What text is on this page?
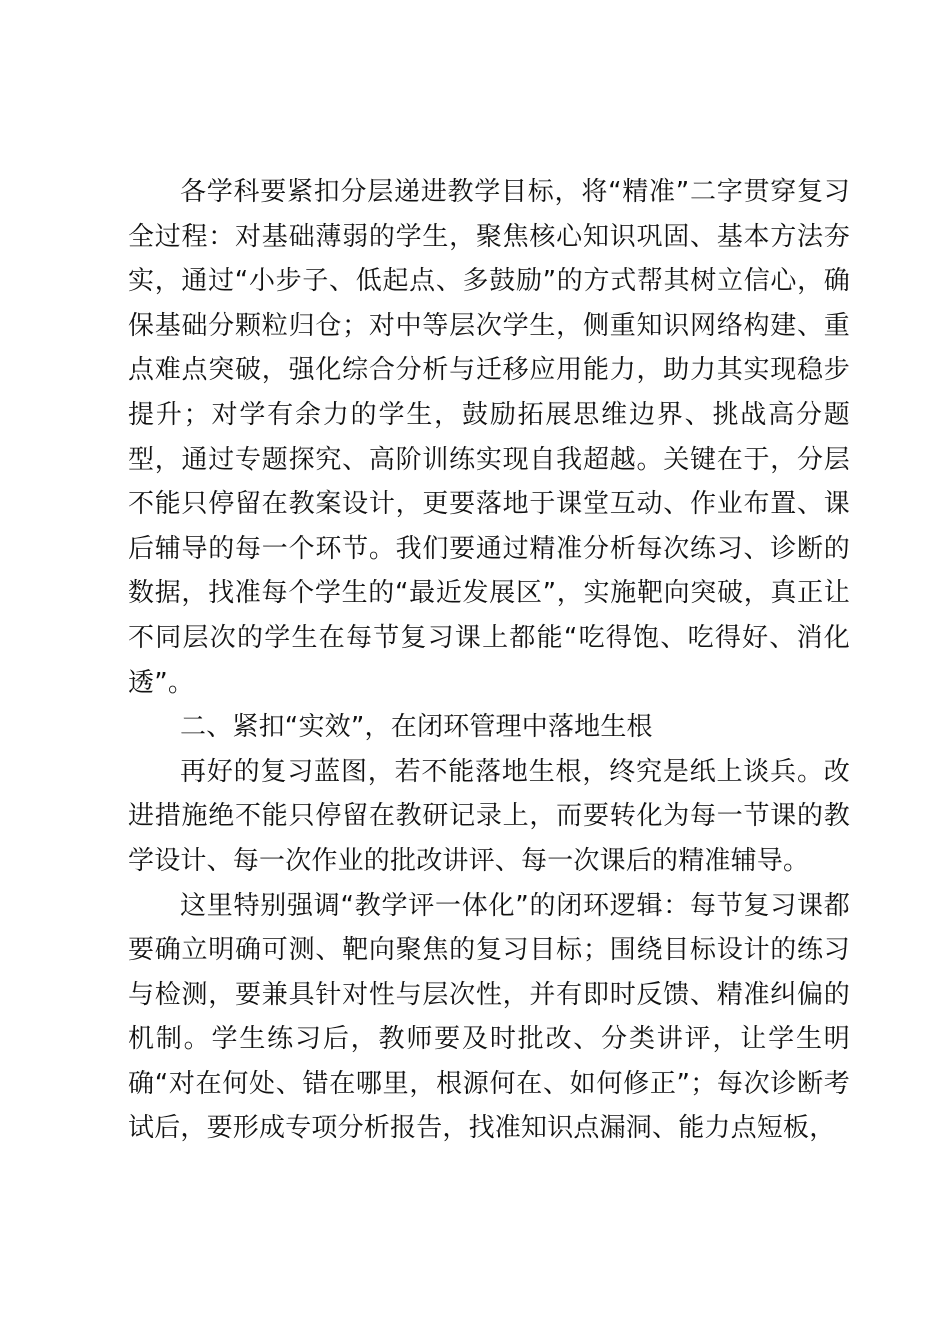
各学科要紧扣分层递进教学目标，将“精准”二字贯穿复习全过程：对基础薄弱的学生，聚焦核心知识巩固、基本方法夯实，通过“小步子、低起点、多鼓励”的方式帮其树立信心，确保基础分颗粒归仓；对中等层次学生，侧重知识网络构建、重点难点突破，强化综合分析与迁移应用能力，助力其实现稳步提升；对学有余力的学生，鼓励拓展思维边界、挑战高分题型，通过专题探究、高阶训练实现自我超越。关键在于，分层不能只停留在教案设计，更要落地于课堂互动、作业布置、课后辅导的每一个环节。我们要通过精准分析每次练习、诊断的数据，找准每个学生的“最近发展区”，实施靶向突破，真正让不同层次的学生在每节复习课上都能“吃得饱、吃得好、消化透”。

二、紧扣“实效”，在闭环管理中落地生根

再好的复习蓝图，若不能落地生根，终究是纸上谈兵。改进措施绝不能只停留在教研记录上，而要转化为每一节课的教学设计、每一次作业的批改讲评、每一次课后的精准辅导。

这里特别强调“教学评一体化”的闭环逻辑：每节复习课都要确立明确可测、靶向聚焦的复习目标；围绕目标设计的练习与检测，要兼具针对性与层次性，并有即时反馈、精准纠偏的机制。学生练习后，教师要及时批改、分类讲评，让学生明确“对在何处、错在哪里，根源何在、如何修正”；每次诊断考试后，要形成专项分析报告，找准知识点漏洞、能力点短板，
